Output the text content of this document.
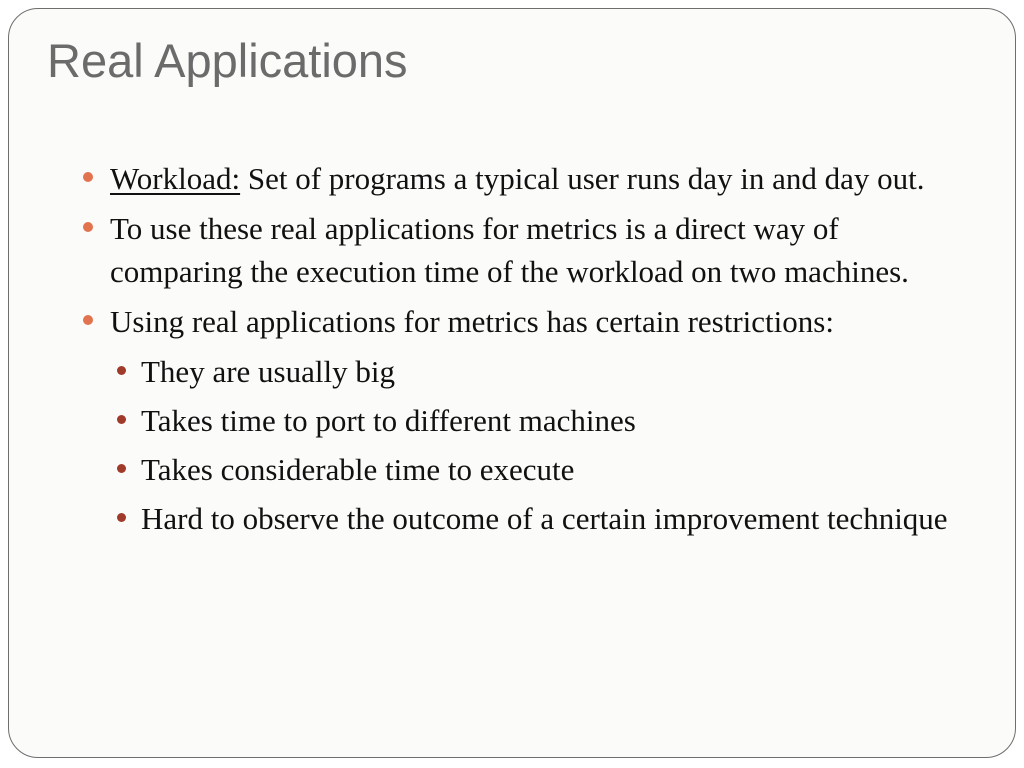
Real Applications
Workload: Set of programs a typical user runs day in and day out.
To use these real applications for metrics is a direct way of comparing the execution time of the workload on two machines.
Using real applications for metrics has certain restrictions:
They are usually big
Takes time to port to different machines
Takes considerable time to execute
Hard to observe the outcome of a certain improvement technique
